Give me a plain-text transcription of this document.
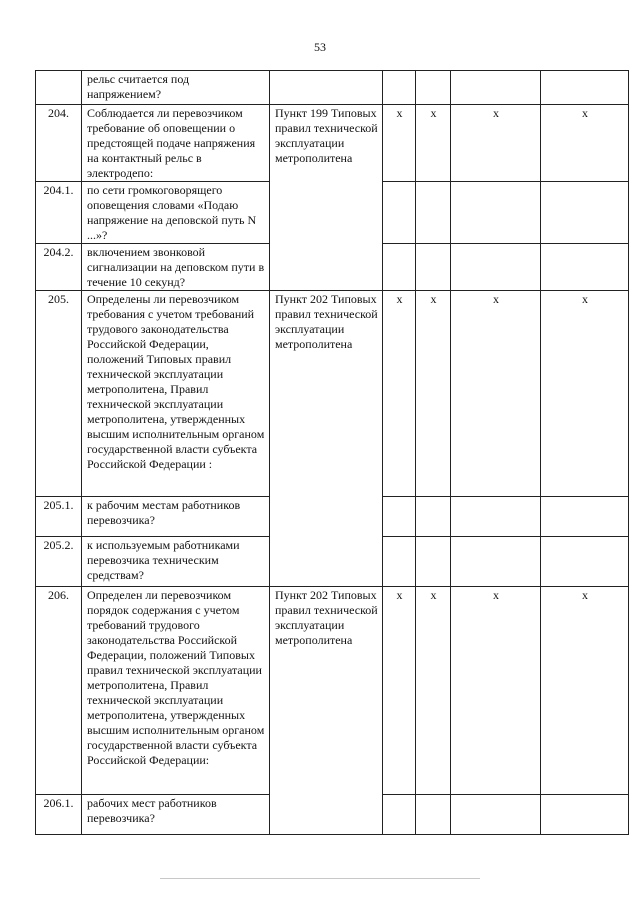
53
	рельс считается под напряжением?					
204.	Соблюдается ли перевозчиком требование об оповещении о предстоящей подаче напряжения на контактный рельс в электродепо:	Пункт 199 Типовых правил технической эксплуатации метрополитена	x	x	x	x
204.1.	по сети громкоговорящего оповещения словами «Подаю напряжение на деповской путь N ...»?					
204.2.	включением звонковой сигнализации на деповском пути в течение 10 секунд?					
205.	Определены ли перевозчиком требования с учетом требований трудового законодательства Российской Федерации, положений Типовых правил технической эксплуатации метрополитена, Правил технической эксплуатации метрополитена, утвержденных высшим исполнительным органом государственной власти субъекта Российской Федерации :	Пункт 202 Типовых правил технической эксплуатации метрополитена	x	x	x	x
205.1.	к рабочим местам работников перевозчика?					
205.2.	к используемым работниками перевозчика техническим средствам?					
206.	Определен ли перевозчиком порядок содержания с учетом требований трудового законодательства Российской Федерации, положений Типовых правил технической эксплуатации метрополитена, Правил технической эксплуатации метрополитена, утвержденных высшим исполнительным органом государственной власти субъекта Российской Федерации:	Пункт 202 Типовых правил технической эксплуатации метрополитена	x	x	x	x
206.1.	рабочих мест работников перевозчика?					
